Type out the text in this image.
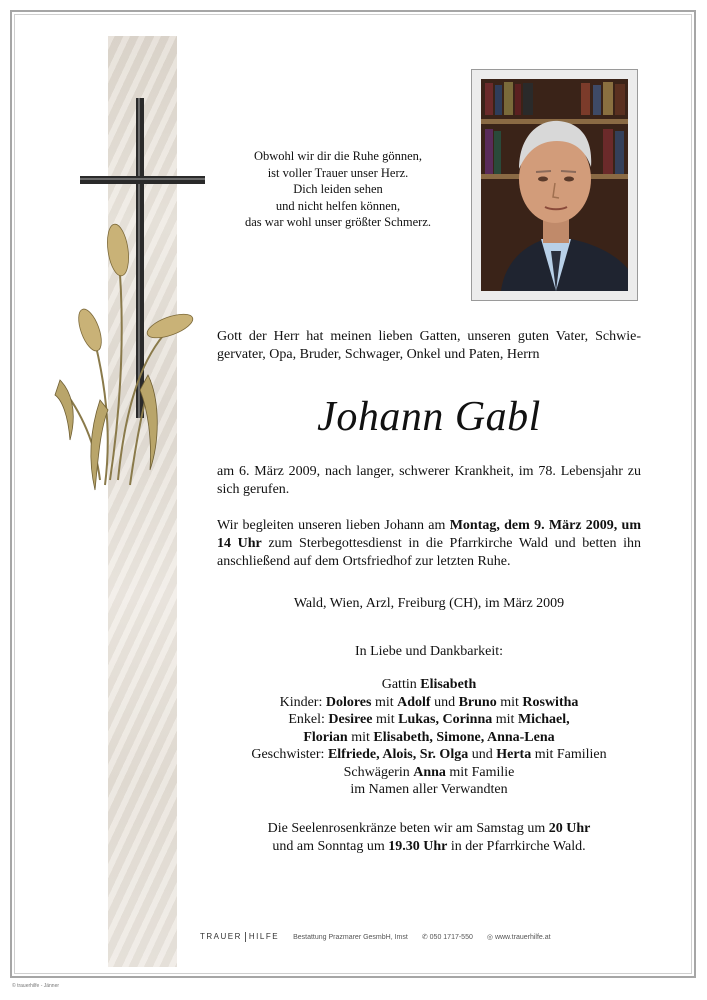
Obwohl wir dir die Ruhe gönnen,
ist voller Trauer unser Herz.
Dich leiden sehen
und nicht helfen können,
das war wohl unser größter Schmerz.
Gott der Herr hat meinen lieben Gatten, unseren guten Vater, Schwie-gervater, Opa, Bruder, Schwager, Onkel und Paten, Herrn
Johann Gabl
am 6. März 2009, nach langer, schwerer Krankheit, im 78. Lebensjahr zu sich gerufen.
Wir begleiten unseren lieben Johann am Montag, dem 9. März 2009, um 14 Uhr zum Sterbegottesdienst in die Pfarrkirche Wald und betten ihn anschließend auf dem Ortsfriedhof zur letzten Ruhe.
Wald, Wien, Arzl, Freiburg (CH), im März 2009
In Liebe und Dankbarkeit:
Gattin Elisabeth
Kinder: Dolores mit Adolf und Bruno mit Roswitha
Enkel: Desiree mit Lukas, Corinna mit Michael,
Florian mit Elisabeth, Simone, Anna-Lena
Geschwister: Elfriede, Alois, Sr. Olga und Herta mit Familien
Schwägerin Anna mit Familie
im Namen aller Verwandten
Die Seelenrosenkränze beten wir am Samstag um 20 Uhr
und am Sonntag um 19.30 Uhr in der Pfarrkirche Wald.
TRAUER HILFE Bestattung Prazmarer GesmbH, Imst ✆ 050 1717-550 ◎ www.trauerhilfe.at
© trauerhilfe - Jänner
